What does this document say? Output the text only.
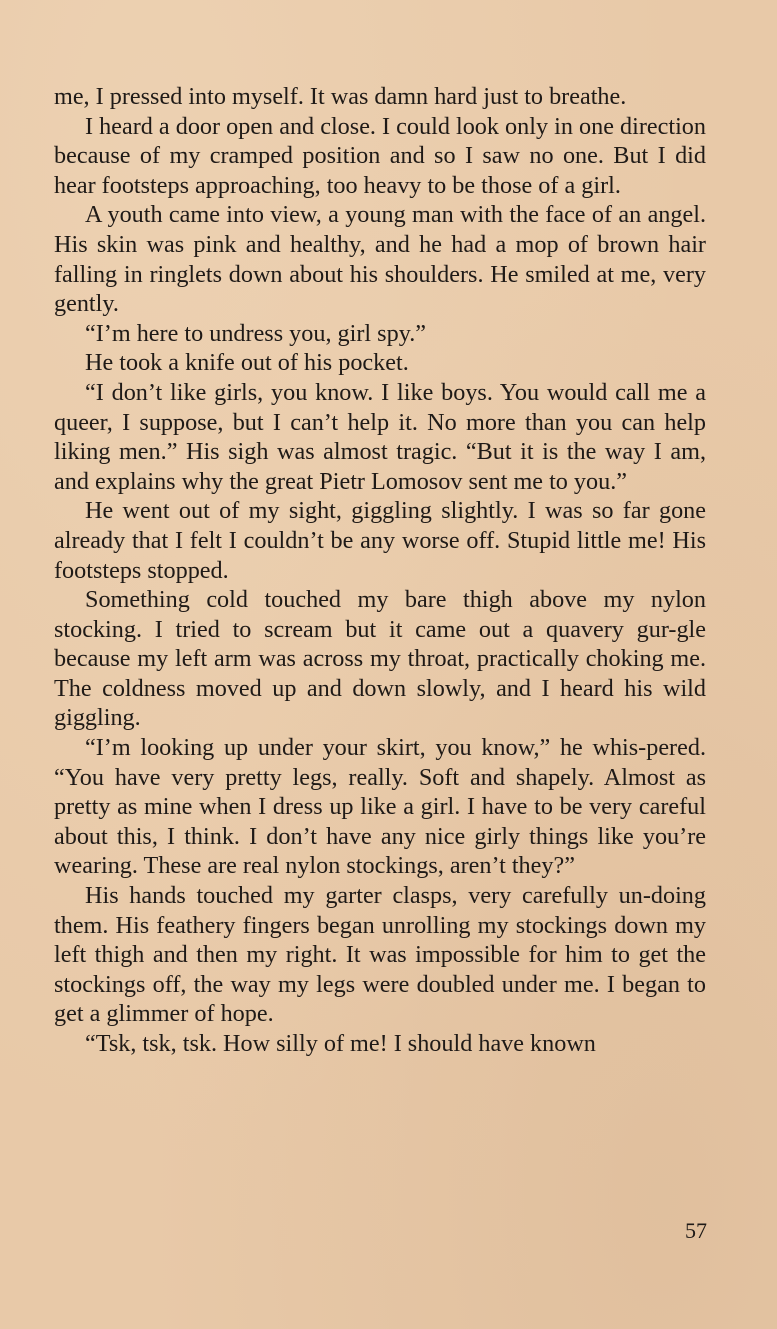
me, I pressed into myself. It was damn hard just to breathe.

I heard a door open and close. I could look only in one direction because of my cramped position and so I saw no one. But I did hear footsteps approaching, too heavy to be those of a girl.

A youth came into view, a young man with the face of an angel. His skin was pink and healthy, and he had a mop of brown hair falling in ringlets down about his shoulders. He smiled at me, very gently.

“I’m here to undress you, girl spy.”

He took a knife out of his pocket.

“I don’t like girls, you know. I like boys. You would call me a queer, I suppose, but I can’t help it. No more than you can help liking men.” His sigh was almost tragic. “But it is the way I am, and explains why the great Pietr Lomosov sent me to you.”

He went out of my sight, giggling slightly. I was so far gone already that I felt I couldn’t be any worse off. Stupid little me! His footsteps stopped.

Something cold touched my bare thigh above my nylon stocking. I tried to scream but it came out a quavery gur-gle because my left arm was across my throat, practically choking me. The coldness moved up and down slowly, and I heard his wild giggling.

“I’m looking up under your skirt, you know,” he whis-pered. “You have very pretty legs, really. Soft and shapely. Almost as pretty as mine when I dress up like a girl. I have to be very careful about this, I think. I don’t have any nice girly things like you’re wearing. These are real nylon stockings, aren’t they?”

His hands touched my garter clasps, very carefully un-doing them. His feathery fingers began unrolling my stockings down my left thigh and then my right. It was impossible for him to get the stockings off, the way my legs were doubled under me. I began to get a glimmer of hope.

“Tsk, tsk, tsk. How silly of me! I should have known

57
